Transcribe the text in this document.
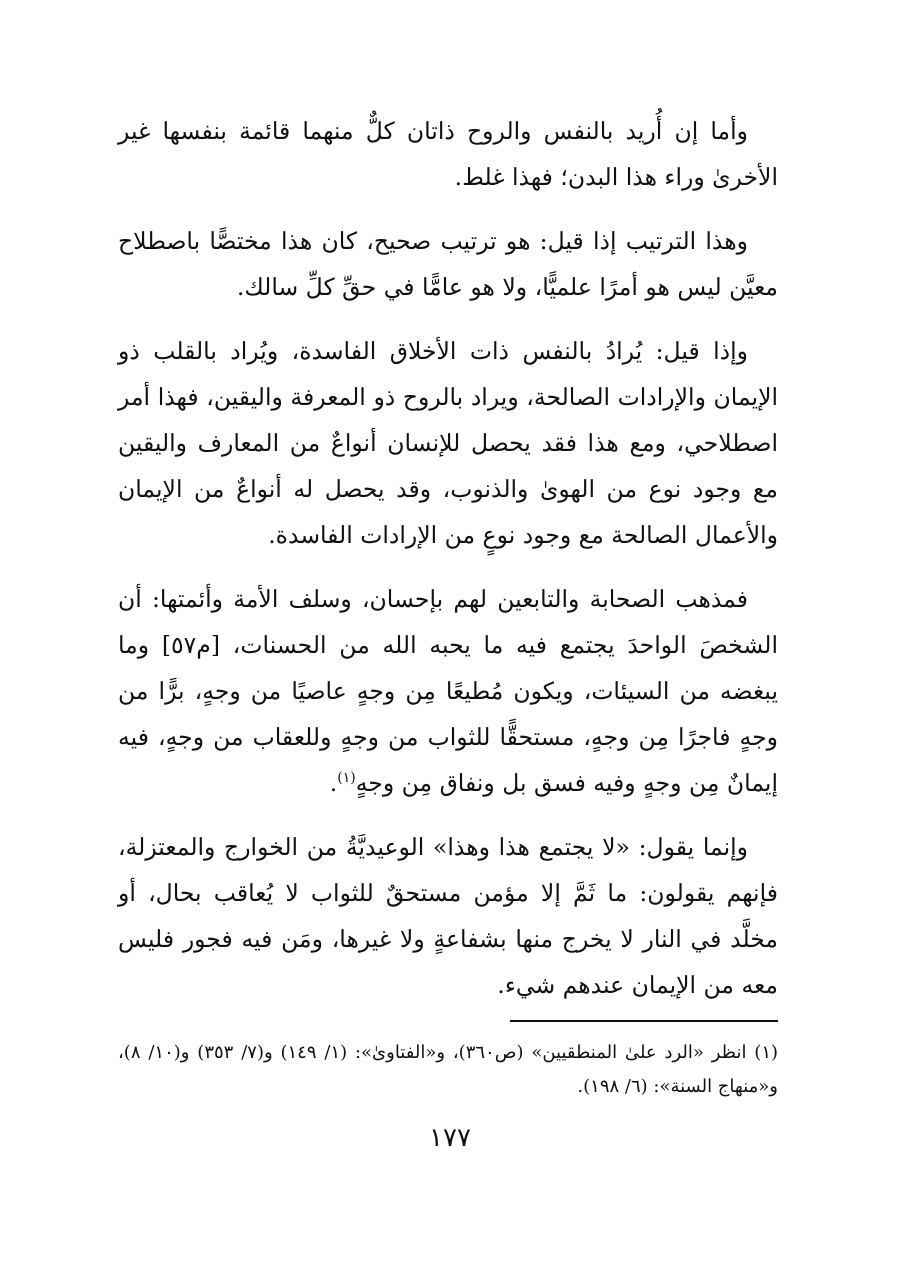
وأما إن أُريد بالنفس والروح ذاتان كلٌّ منهما قائمة بنفسها غير الأخرىٰ وراء هذا البدن؛ فهذا غلط.

وهذا الترتيب إذا قيل: هو ترتيب صحيح، كان هذا مختصًّا باصطلاح معيَّن ليس هو أمرًا علميًّا، ولا هو عامًّا في حقِّ كلِّ سالك.

وإذا قيل: يُرادُ بالنفس ذات الأخلاق الفاسدة، ويُراد بالقلب ذو الإيمان والإرادات الصالحة، ويراد بالروح ذو المعرفة واليقين، فهذا أمر اصطلاحي، ومع هذا فقد يحصل للإنسان أنواعٌ من المعارف واليقين مع وجود نوع من الهوىٰ والذنوب، وقد يحصل له أنواعٌ من الإيمان والأعمال الصالحة مع وجود نوعٍ من الإرادات الفاسدة.

فمذهب الصحابة والتابعين لهم بإحسان، وسلف الأمة وأئمتها: أن الشخصَ الواحدَ يجتمع فيه ما يحبه الله من الحسنات، [م٥٧] وما يبغضه من السيئات، ويكون مُطيعًا مِن وجهٍ عاصيًا من وجهٍ، برًّا من وجهٍ فاجرًا مِن وجهٍ، مستحقًّا للثواب من وجهٍ وللعقاب من وجهٍ، فيه إيمانٌ مِن وجهٍ وفيه فسق بل ونفاق مِن وجهٍ$^{(١)}$.

وإنما يقول: «لا يجتمع هذا وهذا» الوعيديَّةُ من الخوارج والمعتزلة، فإنهم يقولون: ما ثَمَّ إلا مؤمن مستحقٌ للثواب لا يُعاقب بحال، أو مخلَّد في النار لا يخرج منها بشفاعةٍ ولا غيرها، ومَن فيه فجور فليس معه من الإيمان عندهم شيء.

(١) انظر «الرد علىٰ المنطقيين» (ص٣٦٠)، و«الفتاوىٰ»: (١/ ١٤٩) و(٧/ ٣٥٣) و(١٠/ ٨)، و«منهاج السنة»: (٦/ ١٩٨).

١٧٧
